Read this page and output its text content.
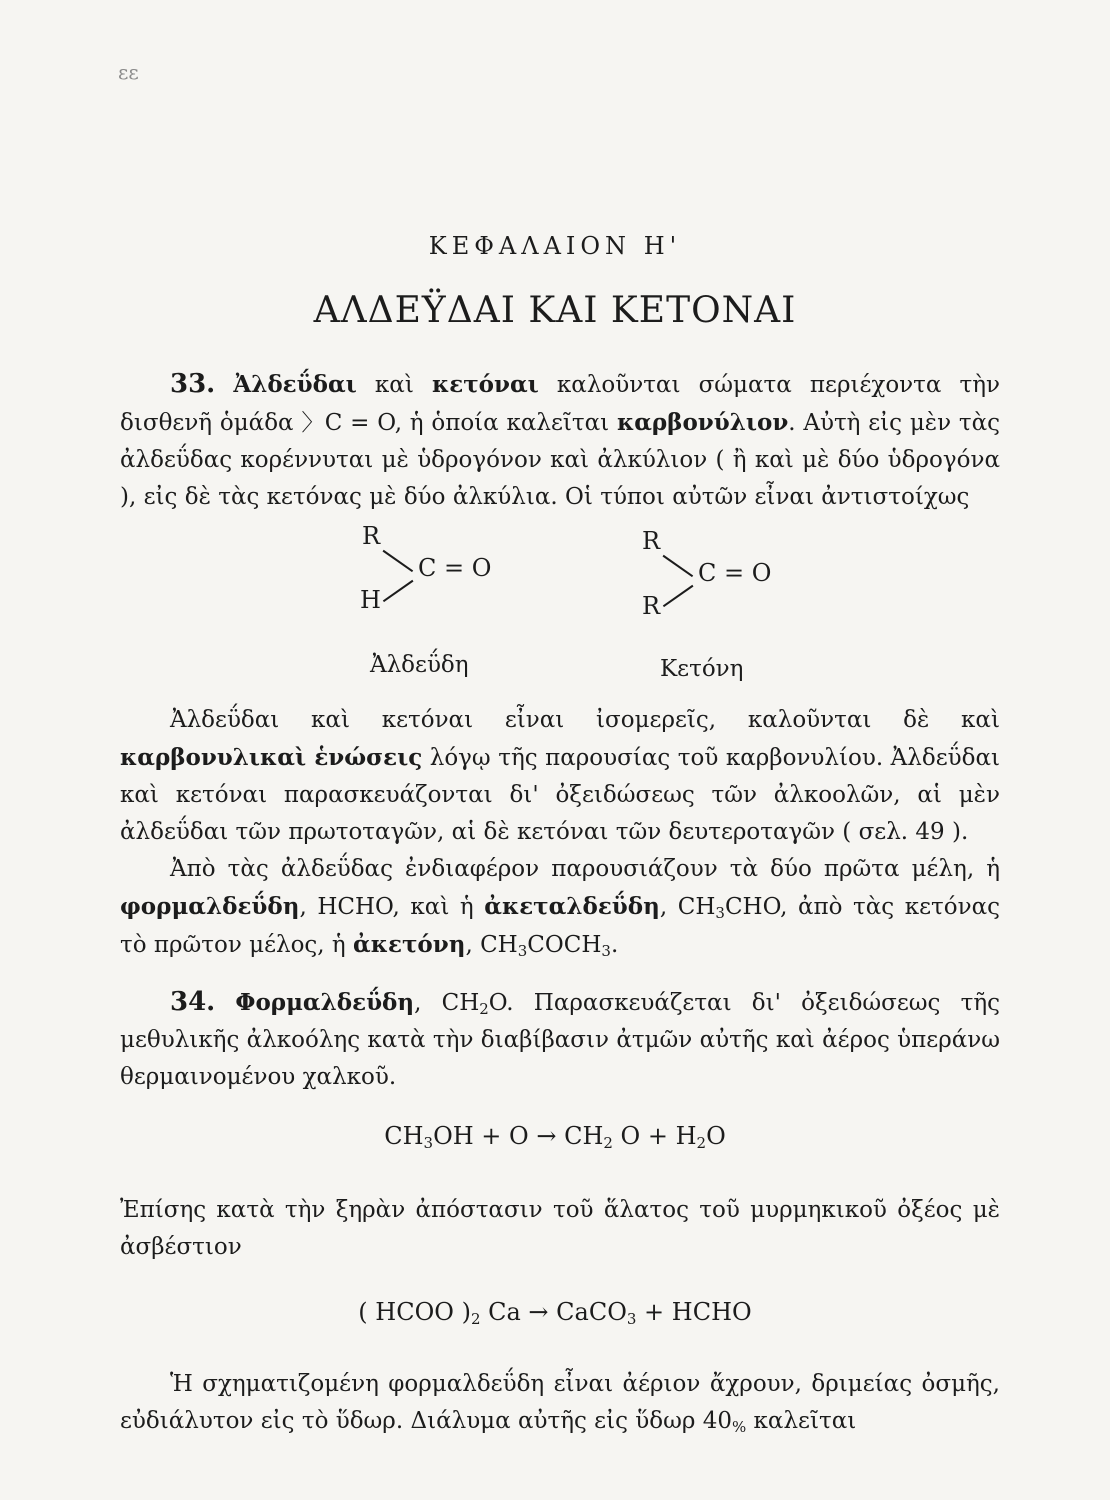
εε
ΚΕΦΑΛΑΙΟΝ Η'
ΑΛΔΕΫΔΑΙ ΚΑΙ ΚΕΤΟΝΑΙ

33. Ἀλδεΰδαι καὶ κετόναι καλοῦνται σώματα περιέχοντα τὴν δισθενῆ ὁμάδα 〉C = O, ἡ ὁποία καλεῖται καρβονύλιον. Αὐτὴ εἰς μὲν τὰς ἀλδεΰδας κορέννυται μὲ ὑδρογόνον καὶ ἀλκύλιον ( ἢ καὶ μὲ δύο ὑδρογόνα ), εἰς δὲ τὰς κετόνας μὲ δύο ἀλκύλια. Οἱ τύποι αὐτῶν εἶναι ἀντιστοίχως

R
H
C = O
Ἀλδεΰδη
R
R
C = O
Κετόνη

Ἀλδεΰδαι καὶ κετόναι εἶναι ἰσομερεῖς, καλοῦνται δὲ καὶ καρβονυλικαὶ ἑνώσεις λόγῳ τῆς παρουσίας τοῦ καρβονυλίου. Ἀλδεΰδαι καὶ κετόναι παρασκευάζονται δι' ὀξειδώσεως τῶν ἀλκοολῶν, αἱ μὲν ἀλδεΰδαι τῶν πρωτοταγῶν, αἱ δὲ κετόναι τῶν δευτεροταγῶν ( σελ. 49 ).

Ἀπὸ τὰς ἀλδεΰδας ἐνδιαφέρον παρουσιάζουν τὰ δύο πρῶτα μέλη, ἡ φορμαλδεΰδη, HCHO, καὶ ἡ ἀκεταλδεΰδη, $CH_3CHO$, ἀπὸ τὰς κετόνας τὸ πρῶτον μέλος, ἡ ἀκετόνη, $CH_3COCH_3$.

34. Φορμαλδεΰδη, $CH_2O$. Παρασκευάζεται δι' ὀξειδώσεως τῆς μεθυλικῆς ἀλκοόλης κατὰ τὴν διαβίβασιν ἀτμῶν αὐτῆς καὶ ἀέρος ὑπεράνω θερμαινομένου χαλκοῦ.

$CH_3OH + O \to CH_2$ $O + H_2O$

Ἐπίσης κατὰ τὴν ξηρὰν ἀπόστασιν τοῦ ἅλατος τοῦ μυρμηκικοῦ ὀξέος μὲ ἀσβέστιον

( HCOO )$_2$ Ca → CaCO$_3$ + HCHO

Ἡ σχηματιζομένη φορμαλδεΰδη εἶναι ἀέριον ἄχρουν, δριμείας ὀσμῆς, εὐδιάλυτον εἰς τὸ ὕδωρ. Διάλυμα αὐτῆς εἰς ὕδωρ $40_{\%}$ καλεῖται
